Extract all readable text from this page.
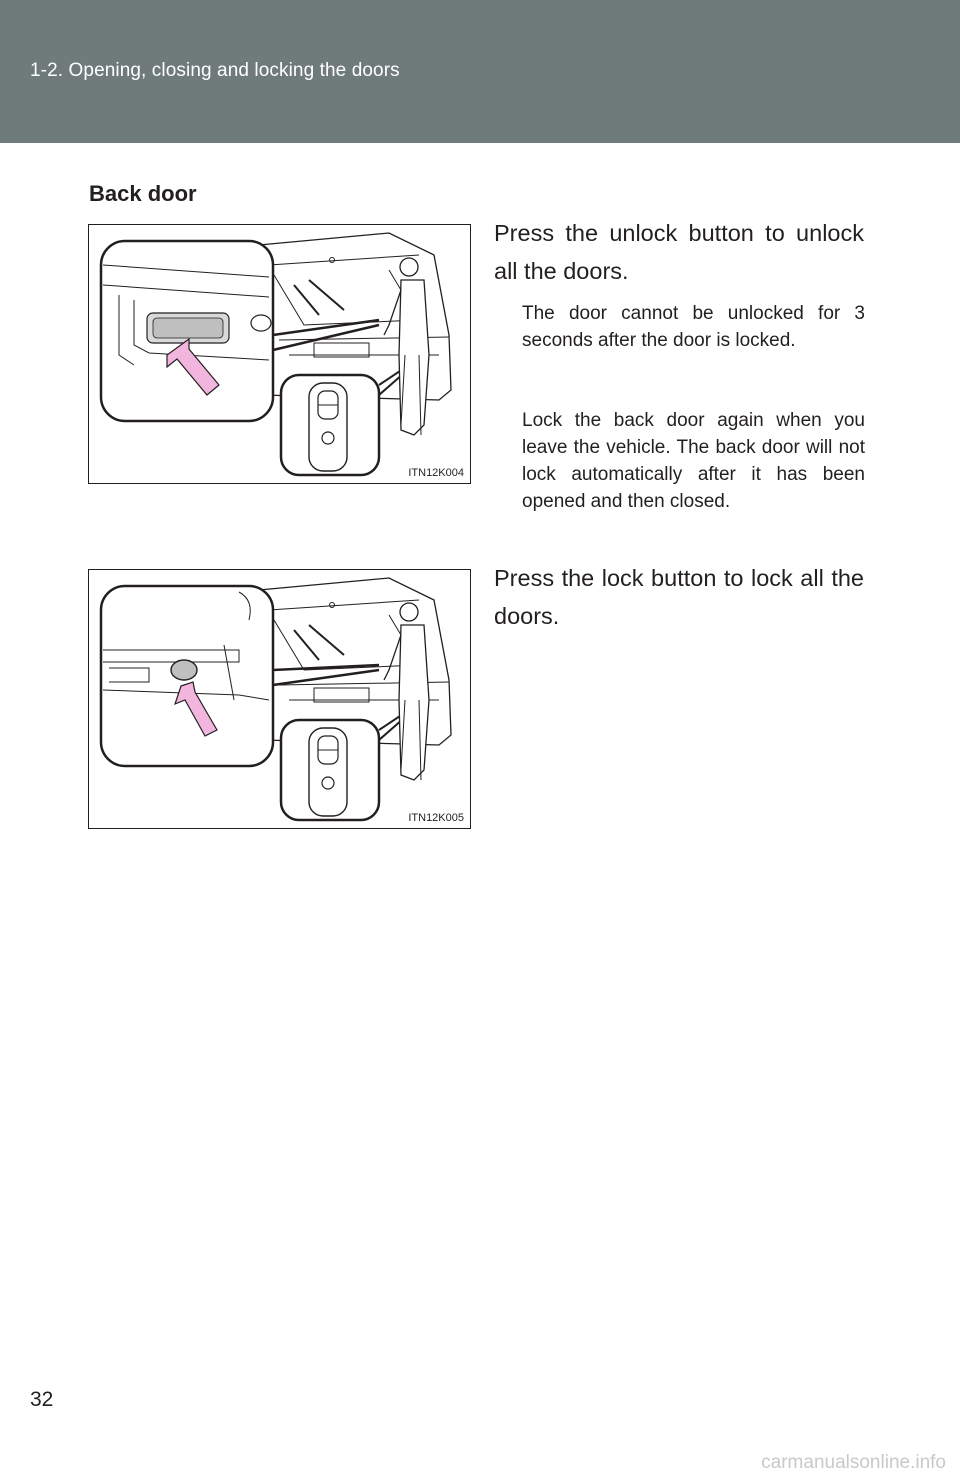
1-2. Opening, closing and locking the doors
Back door
ITN12K004
ITN12K005
Press the unlock button to unlock all the doors.
The door cannot be unlocked for 3 seconds after the door is locked.
Lock the back door again when you leave the vehicle. The back door will not lock automatically after it has been opened and then closed.
Press the lock button to lock all the doors.
32
carmanualsonline.info
